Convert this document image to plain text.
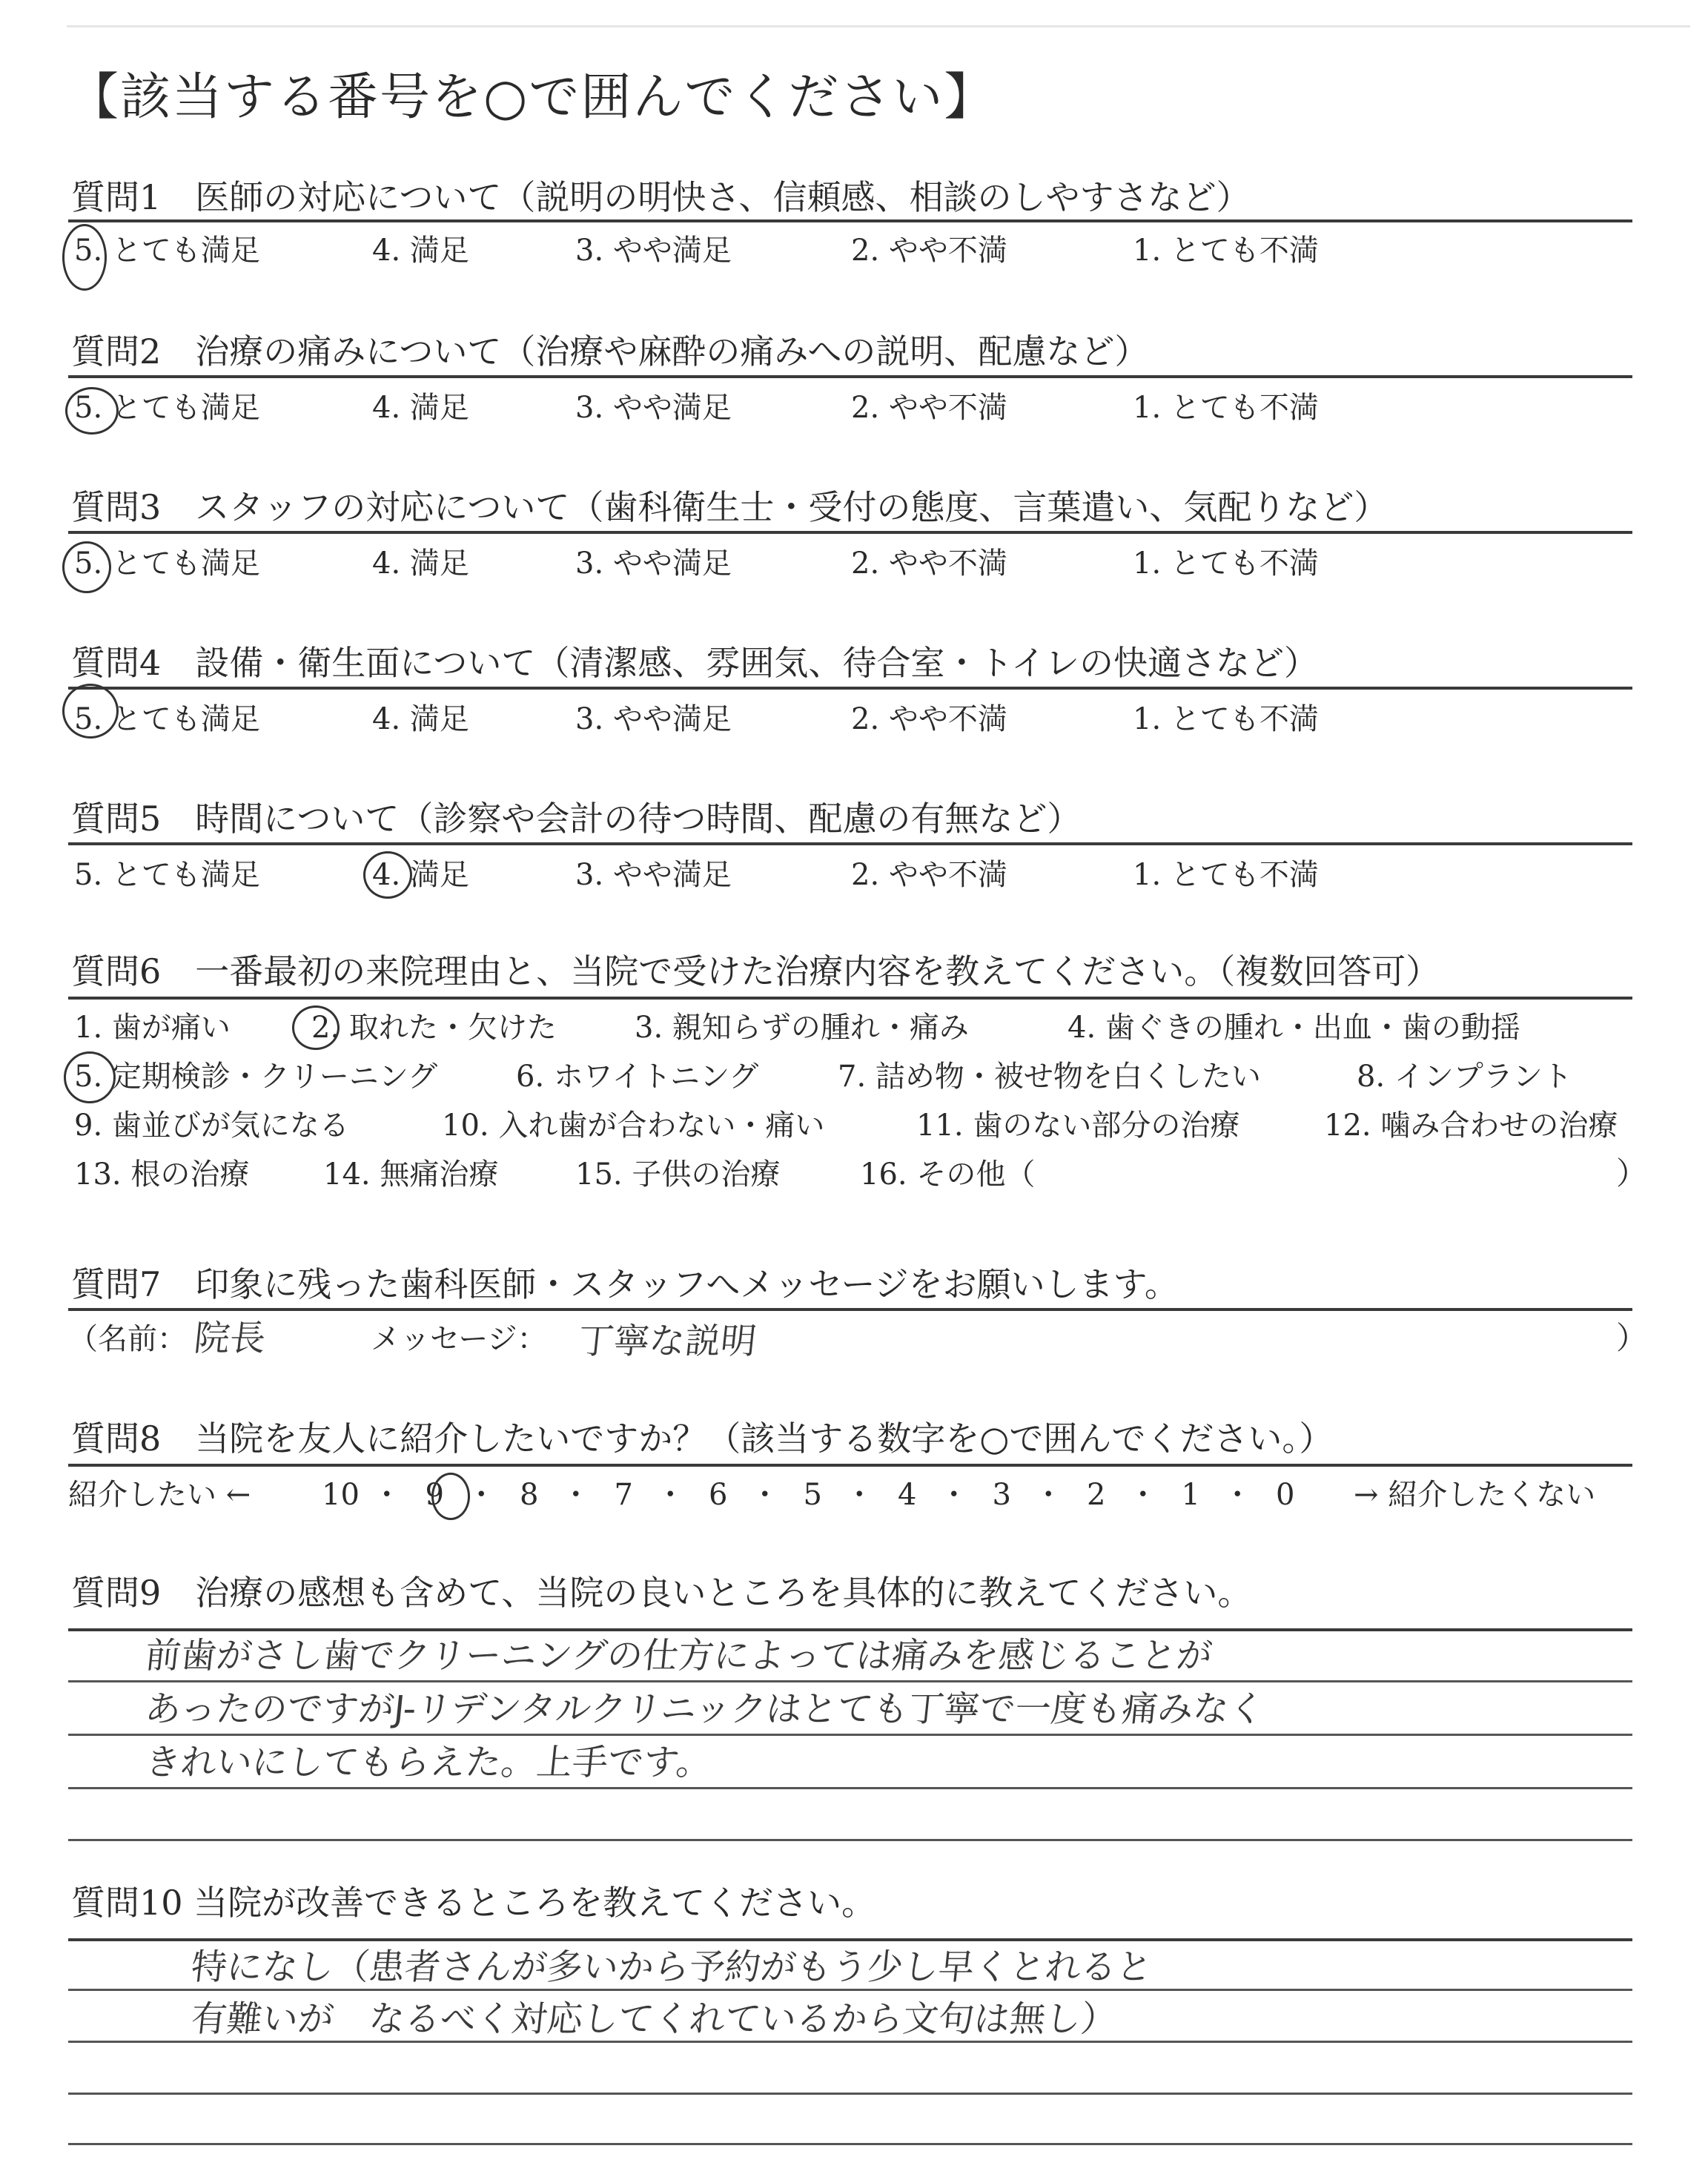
【該当する番号を○で囲んでください】
質問1　医師の対応について（説明の明快さ、信頼感、相談のしやすさなど）
5. とても満足	4. 満足	3. やや満足	2. やや不満	1. とても不満
質問2　治療の痛みについて（治療や麻酔の痛みへの説明、配慮など）
5. とても満足	4. 満足	3. やや満足	2. やや不満	1. とても不満
質問3　スタッフの対応について（歯科衛生士・受付の態度、言葉遣い、気配りなど）
5. とても満足	4. 満足	3. やや満足	2. やや不満	1. とても不満
質問4　設備・衛生面について（清潔感、雰囲気、待合室・トイレの快適さなど）
5. とても満足	4. 満足	3. やや満足	2. やや不満	1. とても不満
質問5　時間について（診察や会計の待つ時間、配慮の有無など）
5. とても満足	4. 満足	3. やや満足	2. やや不満	1. とても不満
質問6　一番最初の来院理由と、当院で受けた治療内容を教えてください。（複数回答可）
1. 歯が痛い	2. 取れた・欠けた	3. 親知らずの腫れ・痛み	4. 歯ぐきの腫れ・出血・歯の動揺
5. 定期検診・クリーニング	6. ホワイトニング	7. 詰め物・被せ物を白くしたい	8. インプラント
9. 歯並びが気になる	10. 入れ歯が合わない・痛い	11. 歯のない部分の治療	12. 噛み合わせの治療
13. 根の治療 14. 無痛治療	15. 子供の治療	16. その他（	）
質問7　印象に残った歯科医師・スタッフへメッセージをお願いします。
（名前： 院長	メッセージ： 丁寧な説明	）
質問8　当院を友人に紹介したいですか？（該当する数字を○で囲んでください。）
紹介したい ← 10 ・ 9 ・ 8 ・ 7 ・ 6 ・ 5 ・ 4 ・ 3 ・ 2 ・ 1 ・ 0 → 紹介したくない
質問9　治療の感想も含めて、当院の良いところを具体的に教えてください。
前歯がさし歯でクリーニングの仕方によっては痛みを感じることが
あったのですがJ-リデンタルクリニックはとても丁寧で一度も痛みなく
きれいにしてもらえた。上手です。
質問10 当院が改善できるところを教えてください。
特になし（患者さんが多いから予約がもう少し早くとれると
有難いが　なるべく対応してくれているから文句は無し）
